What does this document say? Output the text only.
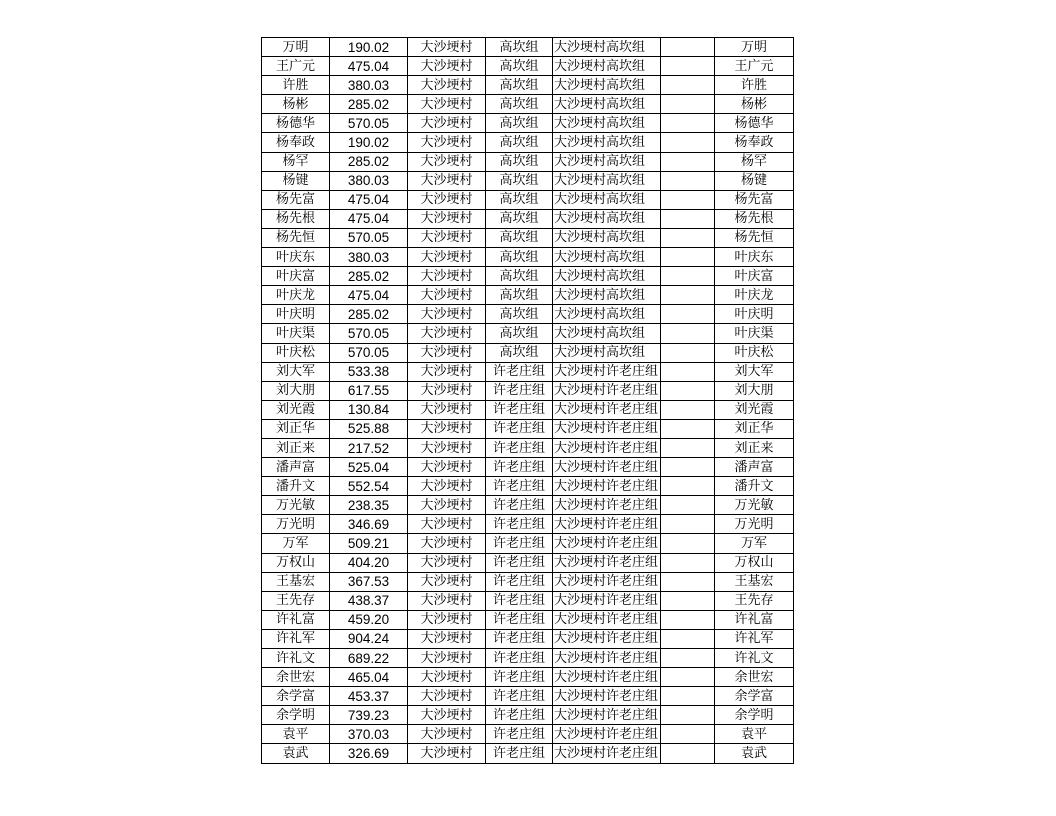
万明	190.02	大沙埂村	高坎组	大沙埂村高坎组		万明
王广元	475.04	大沙埂村	高坎组	大沙埂村高坎组		王广元
许胜	380.03	大沙埂村	高坎组	大沙埂村高坎组		许胜
杨彬	285.02	大沙埂村	高坎组	大沙埂村高坎组		杨彬
杨德华	570.05	大沙埂村	高坎组	大沙埂村高坎组		杨德华
杨奉政	190.02	大沙埂村	高坎组	大沙埂村高坎组		杨奉政
杨罕	285.02	大沙埂村	高坎组	大沙埂村高坎组		杨罕
杨键	380.03	大沙埂村	高坎组	大沙埂村高坎组		杨键
杨先富	475.04	大沙埂村	高坎组	大沙埂村高坎组		杨先富
杨先根	475.04	大沙埂村	高坎组	大沙埂村高坎组		杨先根
杨先恒	570.05	大沙埂村	高坎组	大沙埂村高坎组		杨先恒
叶庆东	380.03	大沙埂村	高坎组	大沙埂村高坎组		叶庆东
叶庆富	285.02	大沙埂村	高坎组	大沙埂村高坎组		叶庆富
叶庆龙	475.04	大沙埂村	高坎组	大沙埂村高坎组		叶庆龙
叶庆明	285.02	大沙埂村	高坎组	大沙埂村高坎组		叶庆明
叶庆渠	570.05	大沙埂村	高坎组	大沙埂村高坎组		叶庆渠
叶庆松	570.05	大沙埂村	高坎组	大沙埂村高坎组		叶庆松
刘大军	533.38	大沙埂村	许老庄组	大沙埂村许老庄组		刘大军
刘大朋	617.55	大沙埂村	许老庄组	大沙埂村许老庄组		刘大朋
刘光霞	130.84	大沙埂村	许老庄组	大沙埂村许老庄组		刘光霞
刘正华	525.88	大沙埂村	许老庄组	大沙埂村许老庄组		刘正华
刘正来	217.52	大沙埂村	许老庄组	大沙埂村许老庄组		刘正来
潘声富	525.04	大沙埂村	许老庄组	大沙埂村许老庄组		潘声富
潘升文	552.54	大沙埂村	许老庄组	大沙埂村许老庄组		潘升文
万光敏	238.35	大沙埂村	许老庄组	大沙埂村许老庄组		万光敏
万光明	346.69	大沙埂村	许老庄组	大沙埂村许老庄组		万光明
万军	509.21	大沙埂村	许老庄组	大沙埂村许老庄组		万军
万权山	404.20	大沙埂村	许老庄组	大沙埂村许老庄组		万权山
王基宏	367.53	大沙埂村	许老庄组	大沙埂村许老庄组		王基宏
王先存	438.37	大沙埂村	许老庄组	大沙埂村许老庄组		王先存
许礼富	459.20	大沙埂村	许老庄组	大沙埂村许老庄组		许礼富
许礼军	904.24	大沙埂村	许老庄组	大沙埂村许老庄组		许礼军
许礼文	689.22	大沙埂村	许老庄组	大沙埂村许老庄组		许礼文
余世宏	465.04	大沙埂村	许老庄组	大沙埂村许老庄组		余世宏
余学富	453.37	大沙埂村	许老庄组	大沙埂村许老庄组		余学富
余学明	739.23	大沙埂村	许老庄组	大沙埂村许老庄组		余学明
袁平	370.03	大沙埂村	许老庄组	大沙埂村许老庄组		袁平
袁武	326.69	大沙埂村	许老庄组	大沙埂村许老庄组		袁武
